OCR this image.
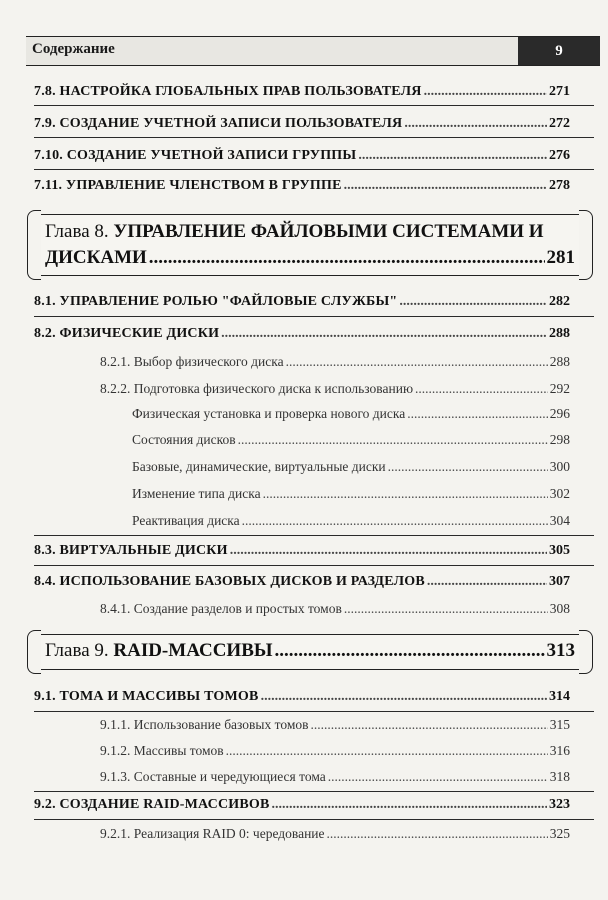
Содержание	9
7.8. НАСТРОЙКА ГЛОБАЛЬНЫХ ПРАВ ПОЛЬЗОВАТЕЛЯ .....	271
7.9. СОЗДАНИЕ УЧЕТНОЙ ЗАПИСИ ПОЛЬЗОВАТЕЛЯ .....	272
7.10. СОЗДАНИЕ УЧЕТНОЙ ЗАПИСИ ГРУППЫ .....	276
7.11. УПРАВЛЕНИЕ ЧЛЕНСТВОМ В ГРУППЕ .....	278
Глава 8.
УПРАВЛЕНИЕ ФАЙЛОВЫМИ СИСТЕМАМИ И
ДИСКАМИ .....	281
8.1. УПРАВЛЕНИЕ РОЛЬЮ "ФАЙЛОВЫЕ СЛУЖБЫ" .....	282
8.2. ФИЗИЧЕСКИЕ ДИСКИ .....	288
8.2.1. Выбор физического диска .....	288
8.2.2. Подготовка физического диска к использованию .....	292
Физическая установка и проверка нового диска .....	296
Состояния дисков .....	298
Базовые, динамические, виртуальные диски .....	300
Изменение типа диска .....	302
Реактивация диска .....	304
8.3. ВИРТУАЛЬНЫЕ ДИСКИ .....	305
8.4. ИСПОЛЬЗОВАНИЕ БАЗОВЫХ ДИСКОВ И РАЗДЕЛОВ .....	307
8.4.1. Создание разделов и простых томов .....	308
Глава 9.
RAID-МАССИВЫ .....	313
9.1. ТОМА И МАССИВЫ ТОМОВ .....	314
9.1.1. Использование базовых томов .....	315
9.1.2. Массивы томов .....	316
9.1.3. Составные и чередующиеся тома .....	318
9.2. СОЗДАНИЕ RAID-МАССИВОВ .....	323
9.2.1. Реализация RAID 0: чередование .....	325
